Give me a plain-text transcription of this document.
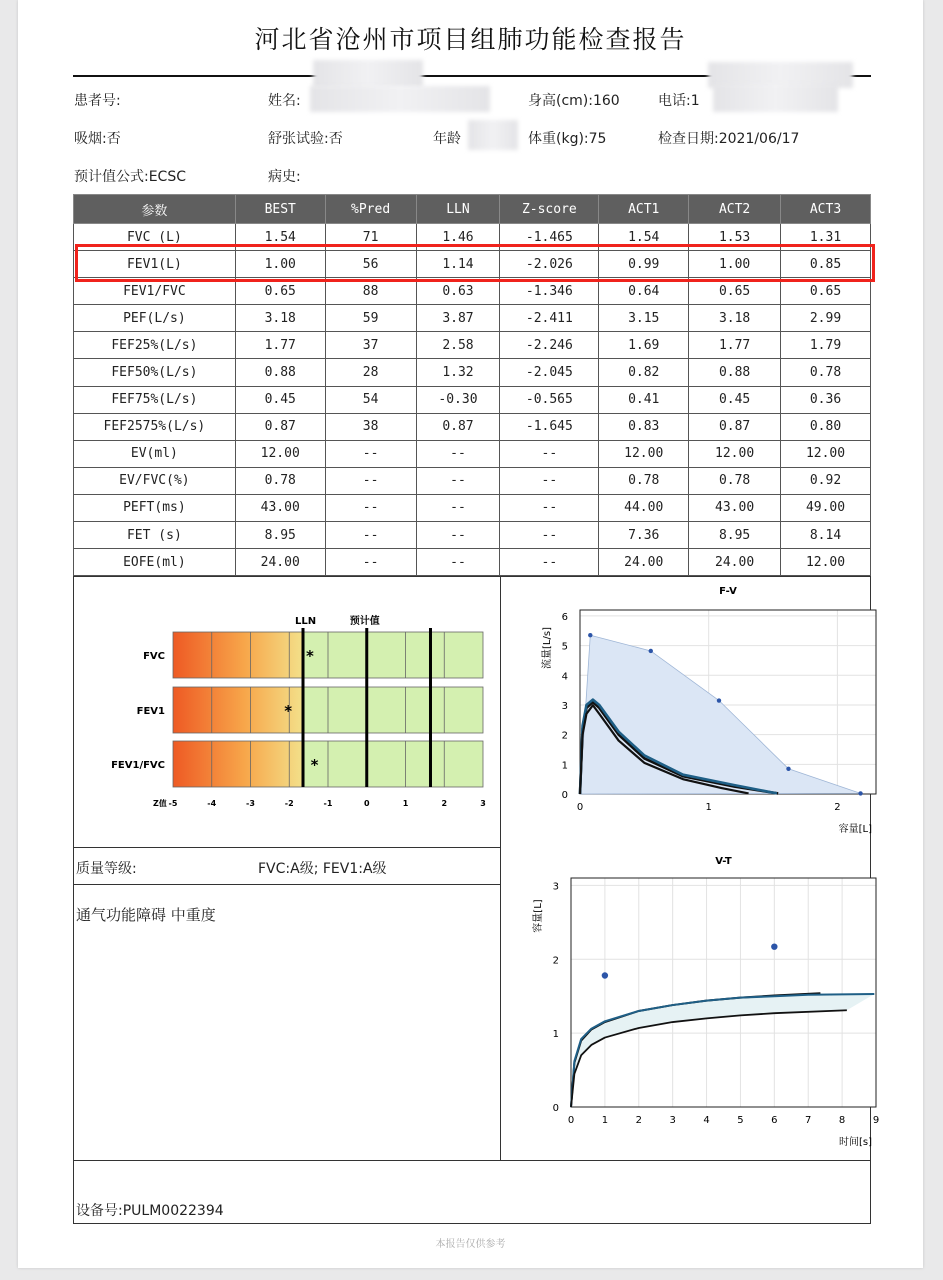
河北省沧州市项目组肺功能检查报告
患者号:	姓名:	身高(cm):160	电话:1
吸烟:否	舒张试验:否	年龄	体重(kg):75	检查日期:2021/06/17
预计值公式:ECSC	病史:
参数	BEST	%Pred	LLN	Z-score	ACT1	ACT2	ACT3
FVC (L)	1.54	71	1.46	-1.465	1.54	1.53	1.31
FEV1(L)	1.00	56	1.14	-2.026	0.99	1.00	0.85
FEV1/FVC	0.65	88	0.63	-1.346	0.64	0.65	0.65
PEF(L/s)	3.18	59	3.87	-2.411	3.15	3.18	2.99
FEF25%(L/s)	1.77	37	2.58	-2.246	1.69	1.77	1.79
FEF50%(L/s)	0.88	28	1.32	-2.045	0.82	0.88	0.78
FEF75%(L/s)	0.45	54	-0.30	-0.565	0.41	0.45	0.36
FEF2575%(L/s)	0.87	38	0.87	-1.645	0.83	0.87	0.80
EV(ml)	12.00	--	--	--	12.00	12.00	12.00
EV/FVC(%)	0.78	--	--	--	0.78	0.78	0.92
PEFT(ms)	43.00	--	--	--	44.00	43.00	49.00
FET (s)	8.95	--	--	--	7.36	8.95	8.14
EOFE(ml)	24.00	--	--	--	24.00	24.00	12.00
质量等级:	FVC:A级; FEV1:A级
通气功能障碍 中重度
设备号:PULM0022394
LLN	预计值
FVC	*
FEV1	*
FEV1/FVC	*
Z值 -5	-4	-3	-2	-1	0	1	2	3
F-V
0	1	2
0
1
2
3
4
5
6
容量[L]
流量[L/s]
V-T
0	1	2	3	4	5	6	7	8	9
0
1
2
3
时间[s]
容量[L]
本报告仅供参考
